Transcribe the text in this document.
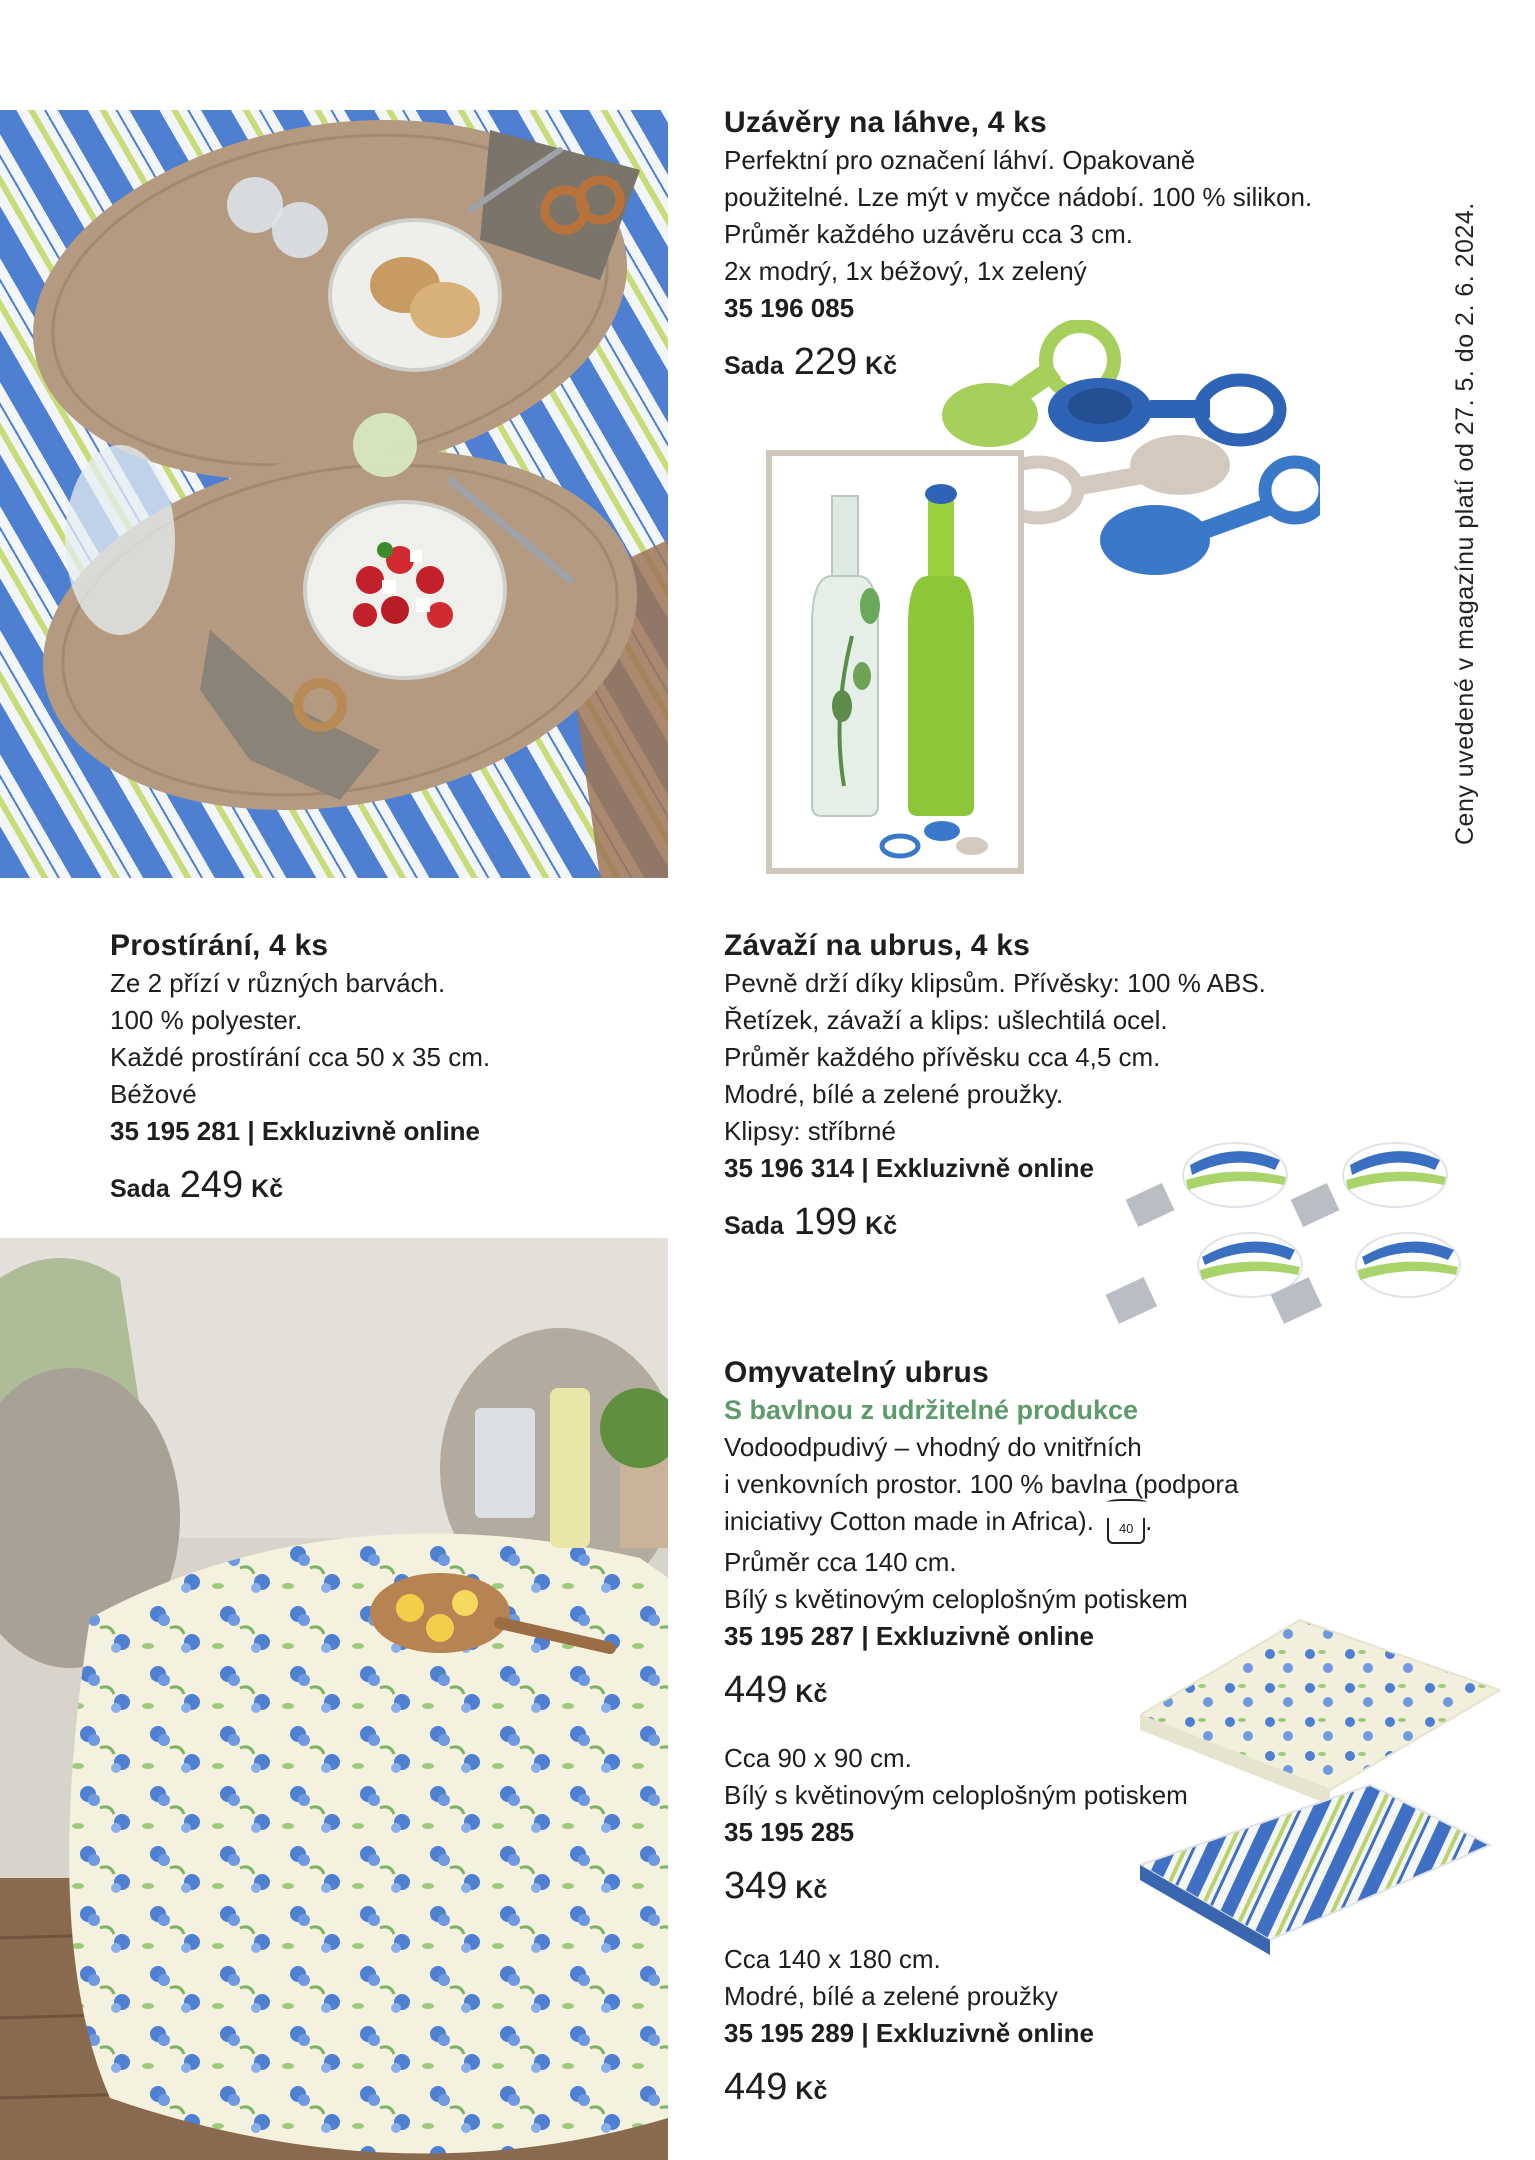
Uzávěry na láhve, 4 ks
Perfektní pro označení láhví. Opakovaně
použitelné. Lze mýt v myčce nádobí. 100 % silikon.
Průměr každého uzávěru cca 3 cm.
2x modrý, 1x béžový, 1x zelený
35 196 085
Sada 229 Kč
Prostírání, 4 ks
Ze 2 přízí v různých barvách.
100 % polyester.
Každé prostírání cca 50 x 35 cm.
Béžové
35 195 281 | Exkluzivně online
Sada 249 Kč
Závaží na ubrus, 4 ks
Pevně drží díky klipsům. Přívěsky: 100 % ABS.
Řetízek, závaží a klips: ušlechtilá ocel.
Průměr každého přívěsku cca 4,5 cm.
Modré, bílé a zelené proužky.
Klipsy: stříbrné
35 196 314 | Exkluzivně online
Sada 199 Kč
Omyvatelný ubrus
S bavlnou z udržitelné produkce
Vodoodpudivý – vhodný do vnitřních
i venkovních prostor. 100 % bavlna (podpora
iniciativy Cotton made in Africa). 40 .
Průměr cca 140 cm.
Bílý s květinovým celoplošným potiskem
35 195 287 | Exkluzivně online
449 Kč
Cca 90 x 90 cm.
Bílý s květinovým celoplošným potiskem
35 195 285
349 Kč
Cca 140 x 180 cm.
Modré, bílé a zelené proužky
35 195 289 | Exkluzivně online
449 Kč
Ceny uvedené v magazínu platí od 27. 5. do 2. 6. 2024.
